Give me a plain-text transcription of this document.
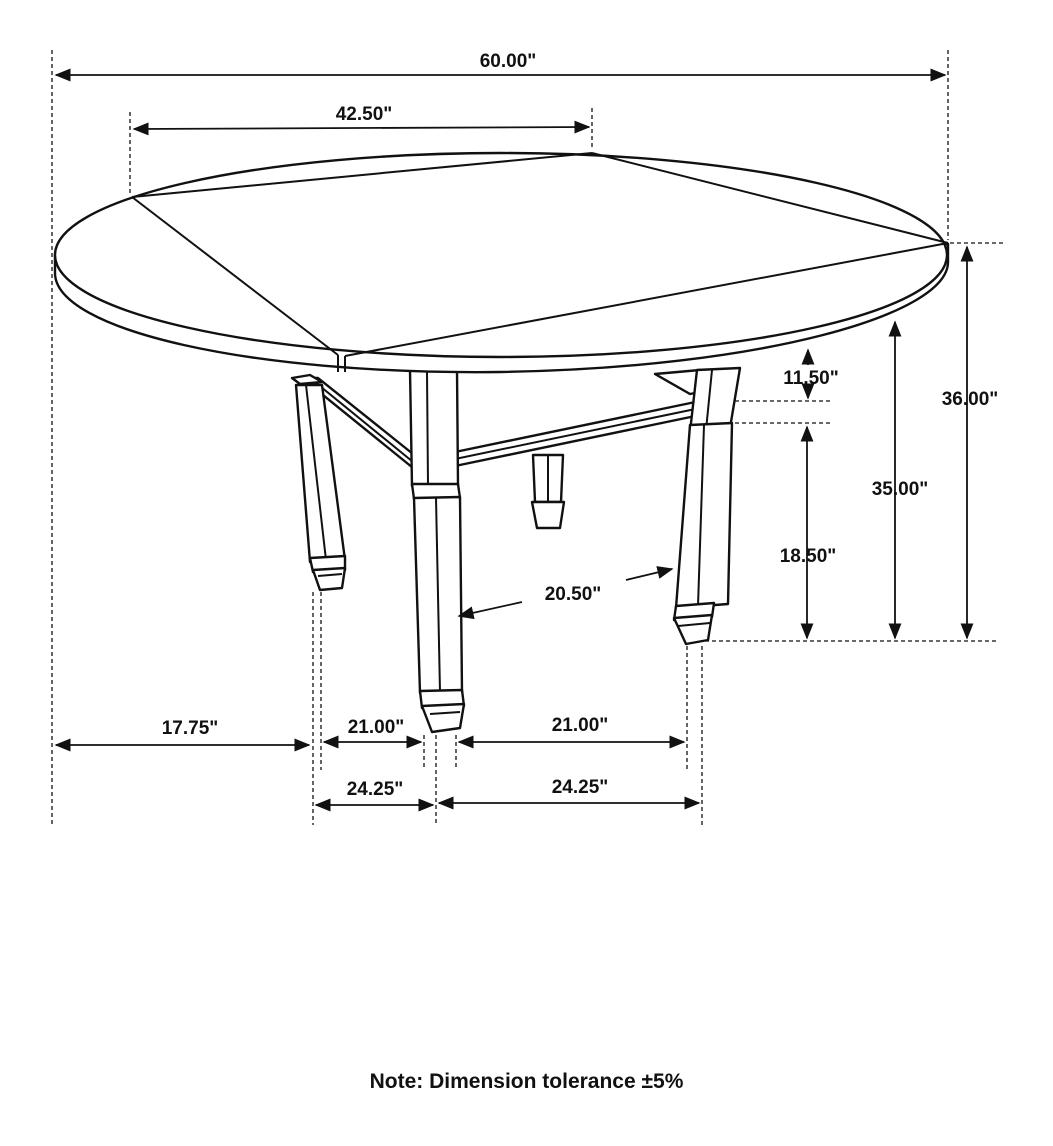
60.00"
42.50"
11.50"
36.00"
35.00"
18.50"
20.50"
17.75"	21.00"	21.00"
24.25"	24.25"
Note: Dimension tolerance ±5%
